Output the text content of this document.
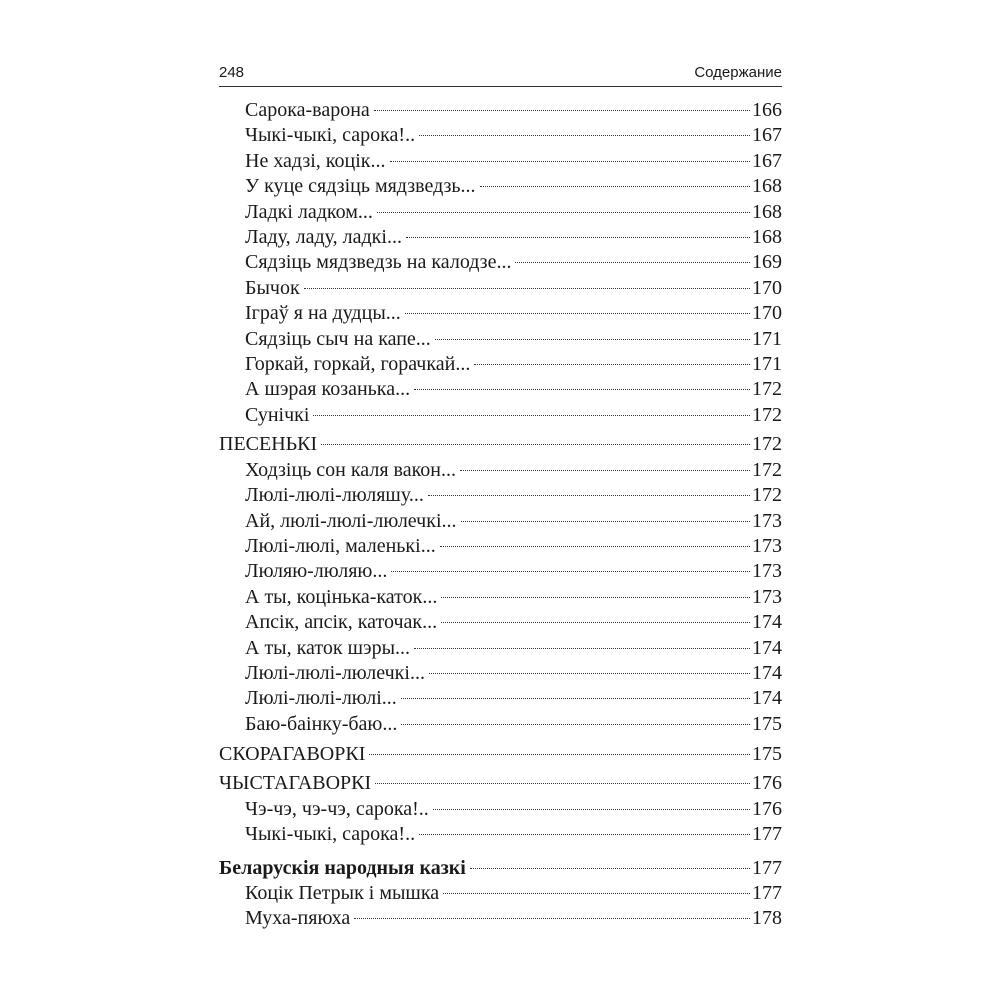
248	Содержание
Сарока-варона	166
Чыкі-чыкі, сарока!..	167
Не хадзі, коцік...	167
У куце сядзіць мядзведзь...	168
Ладкі ладком...	168
Ладу, ладу, ладкі...	168
Сядзіць мядзведзь на калодзе...	169
Бычок	170
Іграў я на дудцы...	170
Сядзіць сыч на капе...	171
Горкай, горкай, горачкай...	171
А шэрая козанька...	172
Сунічкі	172
ПЕСЕНЬКІ	172
Ходзіць сон каля вакон...	172
Люлі-люлі-люляшу...	172
Ай, люлі-люлі-люлечкі...	173
Люлі-люлі, маленькі...	173
Люляю-люляю...	173
А ты, коцінька-каток...	173
Апсік, апсік, каточак...	174
А ты, каток шэры...	174
Люлі-люлі-люлечкі...	174
Люлі-люлі-люлі...	174
Баю-баінку-баю...	175
СКОРАГАВОРКІ	175
ЧЫСТАГАВОРКІ	176
Чэ-чэ, чэ-чэ, сарока!..	176
Чыкі-чыкі, сарока!..	177
Беларускія народныя казкі	177
Коцік Петрык і мышка	177
Муха-пяюха	178
